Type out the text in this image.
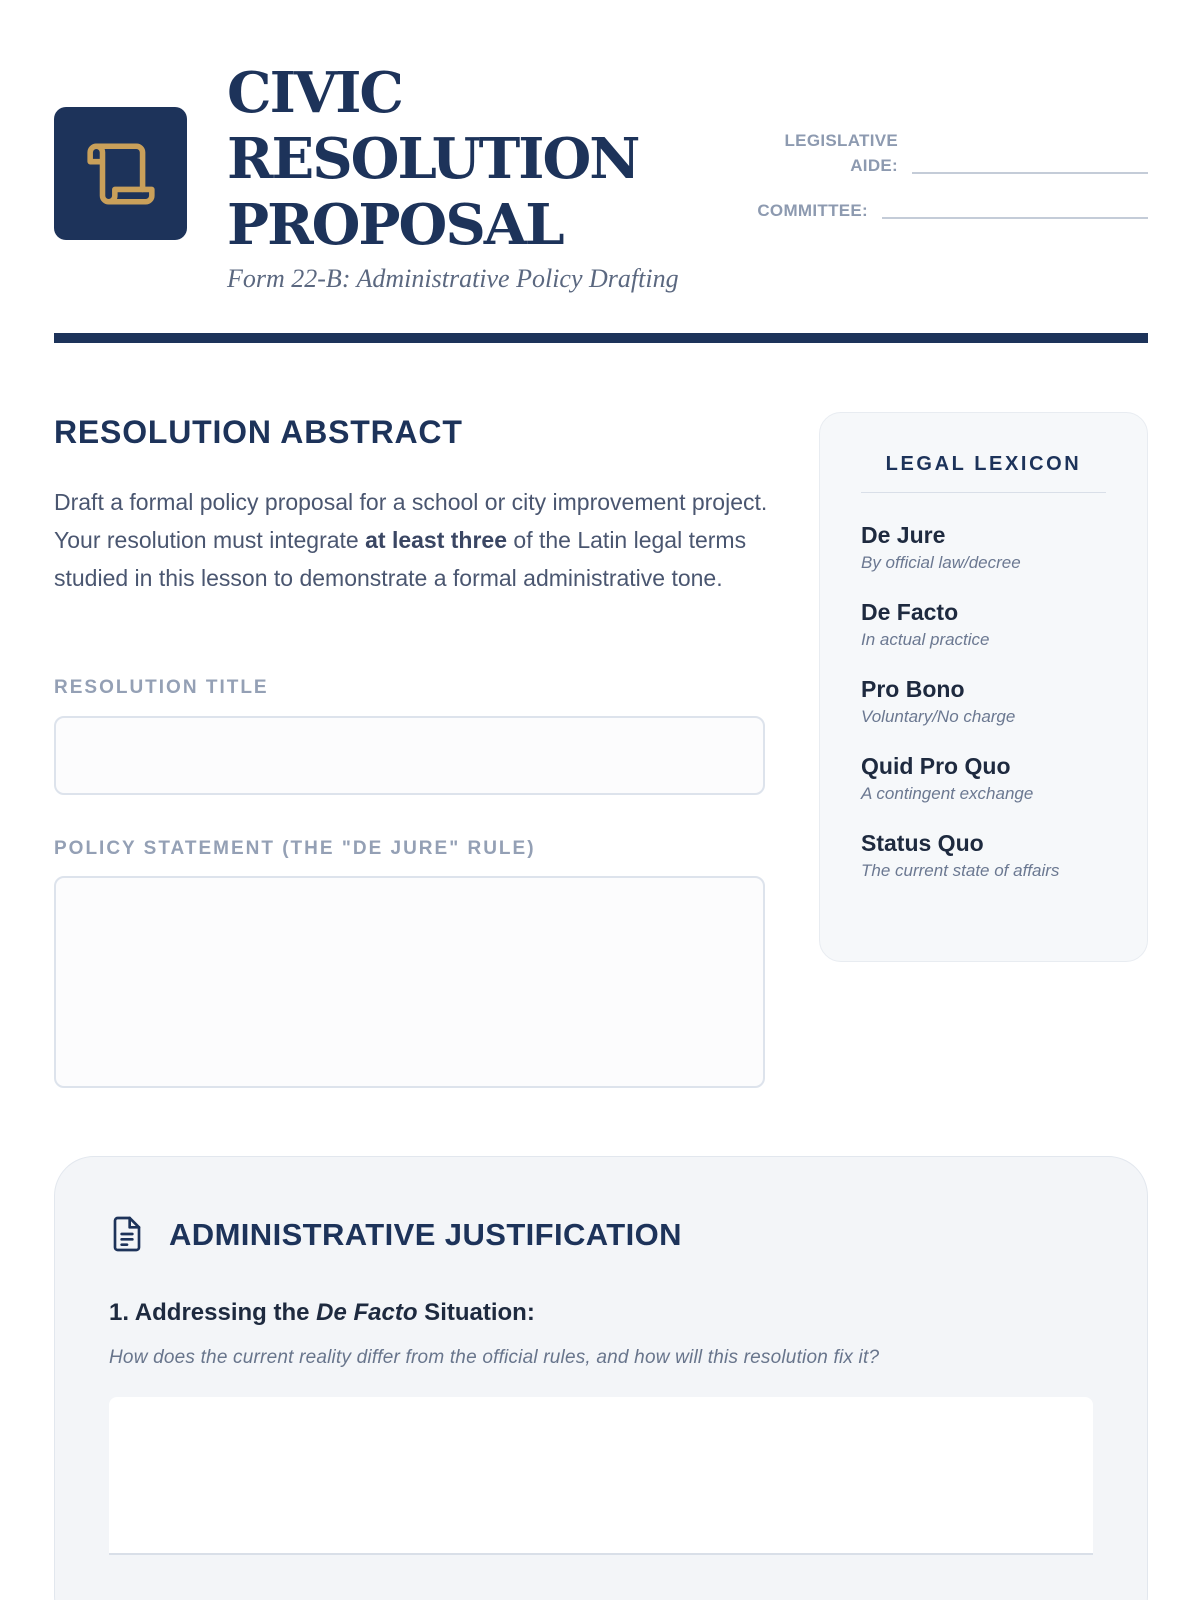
CIVIC
RESOLUTION
PROPOSAL
Form 22-B: Administrative Policy Drafting
LEGISLATIVE
AIDE:
COMMITTEE:
RESOLUTION ABSTRACT
Draft a formal policy proposal for a school or city improvement project. Your resolution must integrate at least three of the Latin legal terms studied in this lesson to demonstrate a formal administrative tone.
RESOLUTION TITLE
POLICY STATEMENT (THE "DE JURE" RULE)
LEGAL LEXICON
De Jure
By official law/decree
De Facto
In actual practice
Pro Bono
Voluntary/No charge
Quid Pro Quo
A contingent exchange
Status Quo
The current state of affairs
ADMINISTRATIVE JUSTIFICATION
1. Addressing the De Facto Situation:
How does the current reality differ from the official rules, and how will this resolution fix it?
